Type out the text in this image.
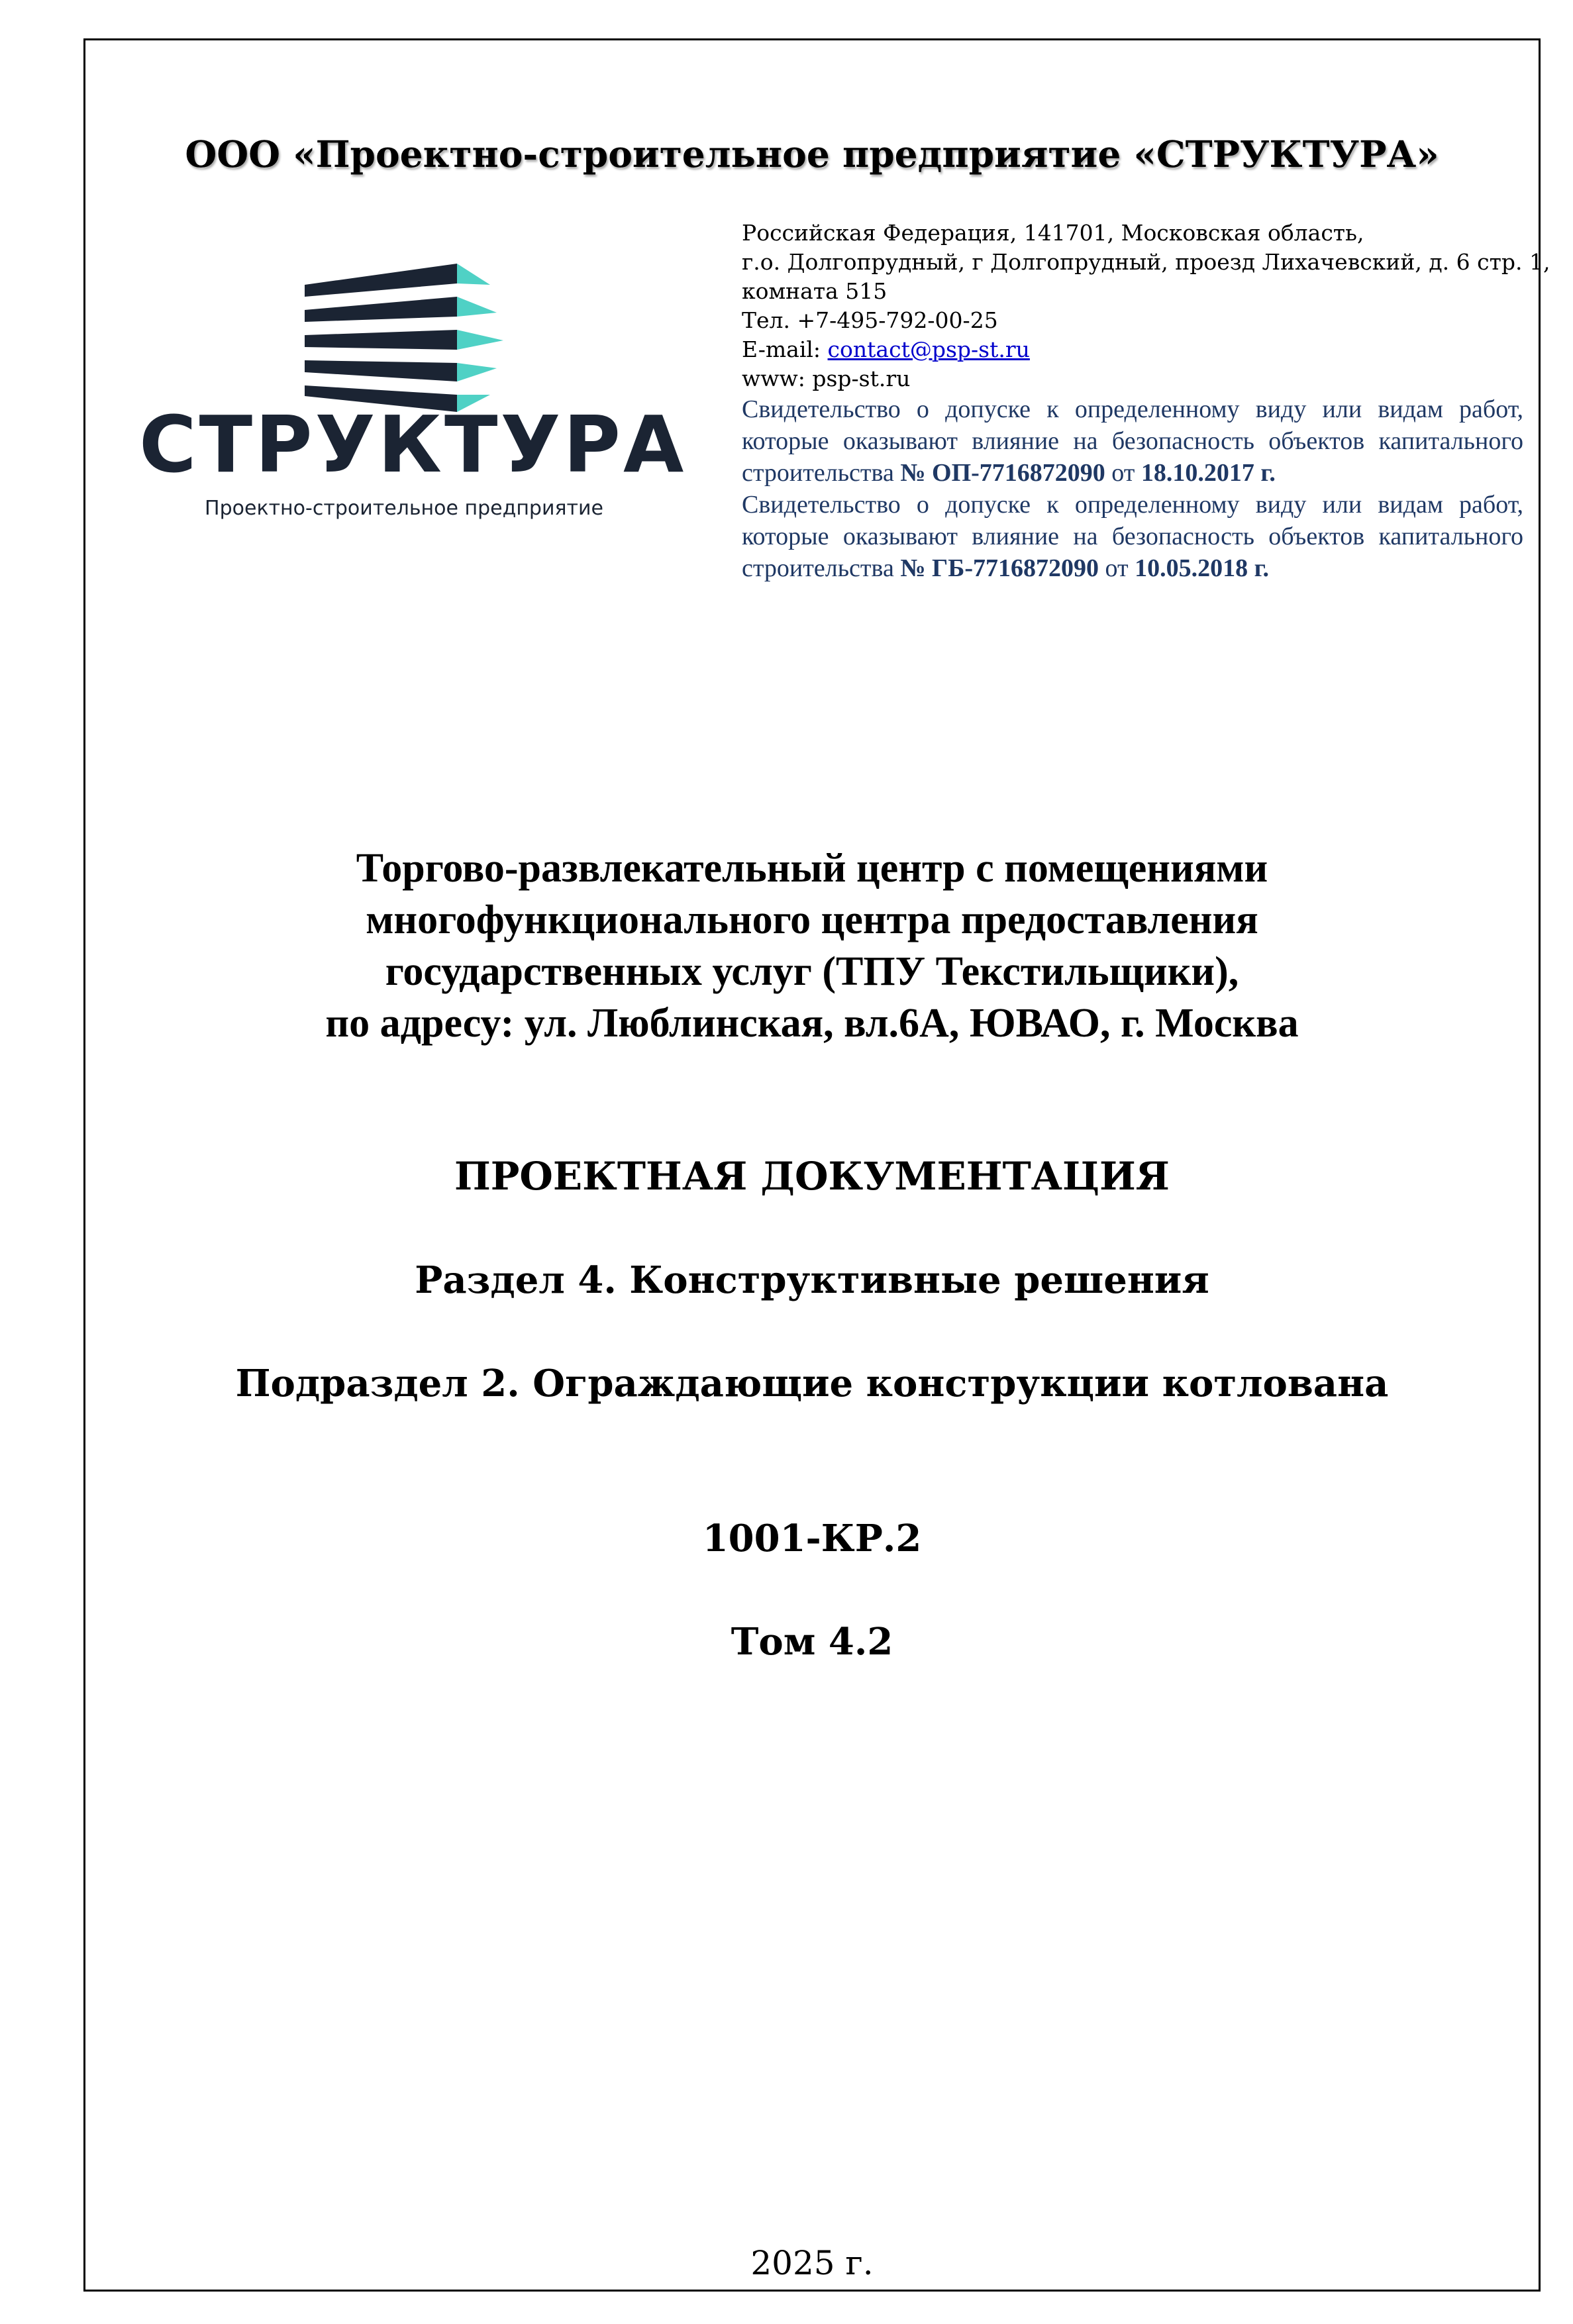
ООО «Проектно-строительное предприятие «СТРУКТУРА»
СТРУКТУРА
Проектно-строительное предприятие
Российская Федерация, 141701, Московская область,
г.о. Долгопрудный, г Долгопрудный, проезд Лихачевский, д. 6 стр. 1,
комната 515
Тел. +7-495-792-00-25
E-mail: contact@psp-st.ru
www: psp-st.ru
Свидетельство о допуске к определенному виду или видам работ, которые оказывают влияние на безопасность объектов капитального строительства № ОП-7716872090 от 18.10.2017 г.
Свидетельство о допуске к определенному виду или видам работ, которые оказывают влияние на безопасность объектов капитального строительства № ГБ-7716872090 от 10.05.2018 г.
Торгово-развлекательный центр с помещениями
многофункционального центра предоставления
государственных услуг (ТПУ Текстильщики),
по адресу: ул. Люблинская, вл.6А, ЮВАО, г. Москва
ПРОЕКТНАЯ ДОКУМЕНТАЦИЯ
Раздел 4. Конструктивные решения
Подраздел 2. Ограждающие конструкции котлована
1001-КР.2
Том 4.2
2025 г.
